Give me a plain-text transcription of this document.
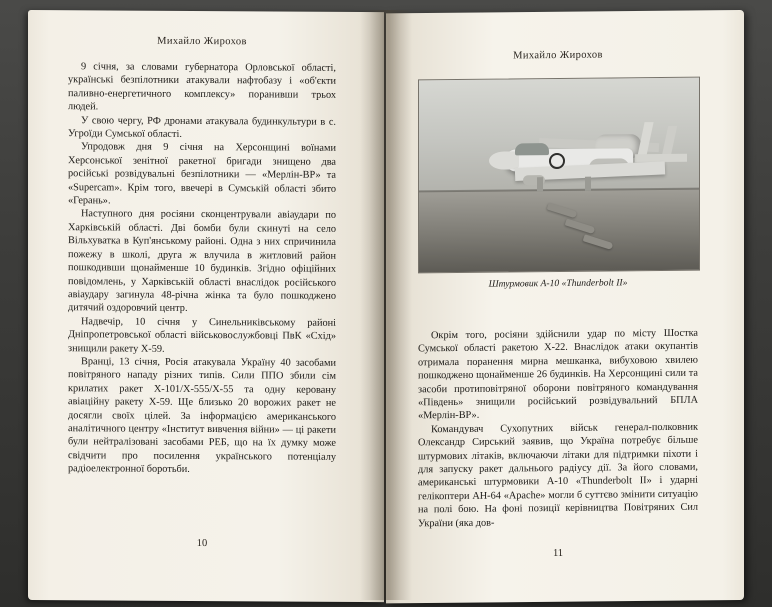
Михайло Жирохов

9 січня, за словами губернатора Орловської області, українські безпілотники атакували нафтобазу і «об'єкти паливно-енергетичного комплексу» поранивши трьох людей.

У свою чергу, РФ дронами атакувала будинкультури в с. Угроїди Сумської області.

Упродовж дня 9 січня на Херсонщині воїнами Херсонської зенітної ракетної бригади знищено два російські розвідувальні безпілотники — «Мерлін-ВР» та «Supercam». Крім того, ввечері в Сумській області збито «Герань».

Наступного дня росіяни сконцентрували авіаудари по Харківській області. Дві бомби були скинуті на село Вільхуватка в Куп'янському районі. Одна з них спричинила пожежу в школі, друга ж влучила в житловий район пошкодивши щонайменше 10 будинків. Згідно офіційних повідомлень, у Харківській області внаслідок російського авіаудару загинула 48-річна жінка та було пошкоджено дитячий оздоровчий центр.

Надвечір, 10 січня у Синельниківському районі Дніпропетровської області військовослужбовці ПвК «Схід» знищили ракету Х-59.

Вранці, 13 січня, Росія атакувала Україну 40 засобами повітряного нападу різних типів. Сили ППО збили сім крилатих ракет Х-101/Х-555/Х-55 та одну керовану авіаційну ракету Х-59. Ще близько 20 ворожих ракет не досягли своїх цілей. За інформацією американського аналітичного центру «Інститут вивчення війни» — ці ракети були нейтралізовані засобами РЕБ, що на їх думку може свідчити про посилення українського потенціалу радіоелектронної боротьби.

10
Михайло Жирохов
Штурмовик А-10 «Thunderbolt II»

Окрім того, росіяни здійснили удар по місту Шостка Сумської області ракетою Х-22. Внаслідок атаки окупантів отримала поранення мирна мешканка, вибуховою хвилею пошкоджено щонайменше 26 будинків. На Херсонщині сили та засоби протиповітряної оборони повітряного командування «Південь» знищили російський розвідувальний БПЛА «Мерлін-ВР».

Командувач Сухопутних військ генерал-полковник Олександр Сирський заявив, що Україна потребує більше штурмових літаків, включаючи літаки для підтримки піхоти і для запуску ракет дальнього радіусу дії. За його словами, американські штурмовики А-10 «Thunderbolt ІІ» і ударні гелікоптери АН-64 «Apache» могли б суттєво змінити ситуацію на полі бою. На фоні позиції керівництва Повітряних Сил України (яка дов-

11
